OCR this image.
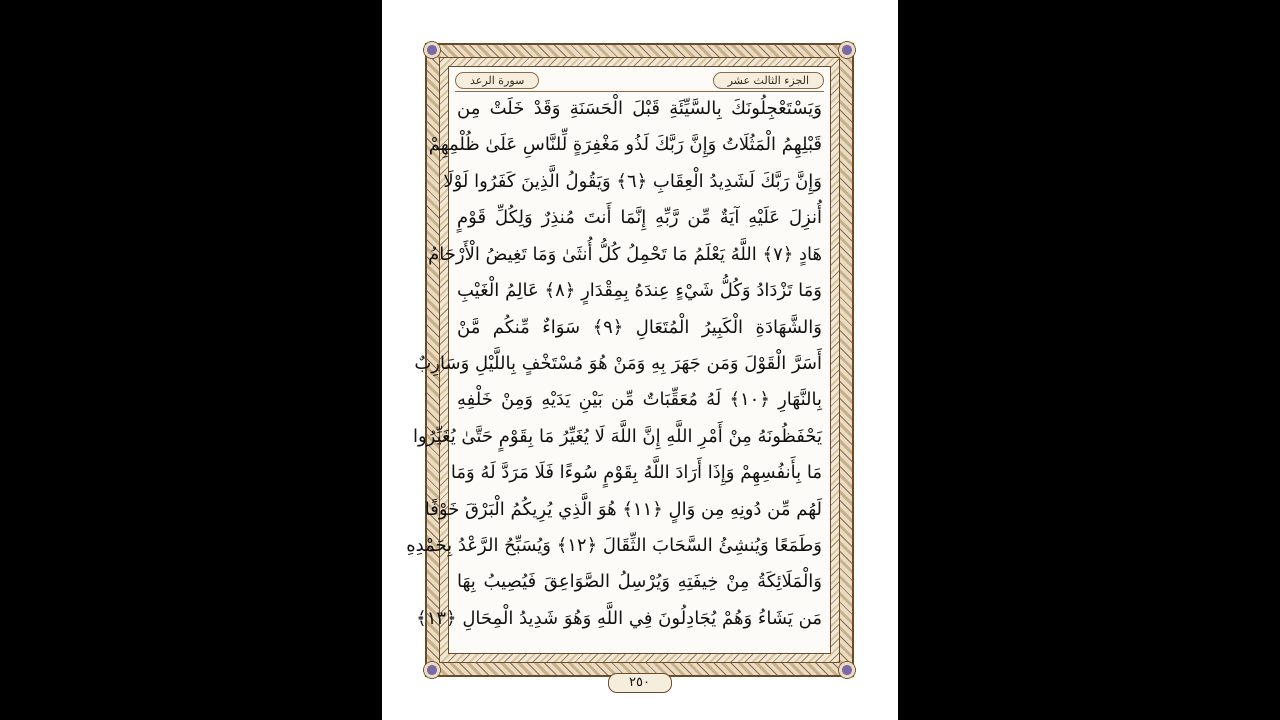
سورة الرعد	الجزء الثالث عشر
وَيَسْتَعْجِلُونَكَ بِالسَّيِّئَةِ قَبْلَ الْحَسَنَةِ وَقَدْ خَلَتْ مِن
قَبْلِهِمُ الْمَثُلَاتُ وَإِنَّ رَبَّكَ لَذُو مَغْفِرَةٍ لِّلنَّاسِ عَلَىٰ ظُلْمِهِمْ
وَإِنَّ رَبَّكَ لَشَدِيدُ الْعِقَابِ ﴿٦﴾ وَيَقُولُ الَّذِينَ كَفَرُوا لَوْلَا
أُنزِلَ عَلَيْهِ آيَةٌ مِّن رَّبِّهِ إِنَّمَا أَنتَ مُنذِرٌ وَلِكُلِّ قَوْمٍ
هَادٍ ﴿٧﴾ اللَّهُ يَعْلَمُ مَا تَحْمِلُ كُلُّ أُنثَىٰ وَمَا تَغِيضُ الْأَرْحَامُ
وَمَا تَزْدَادُ وَكُلُّ شَيْءٍ عِندَهُ بِمِقْدَارٍ ﴿٨﴾ عَالِمُ الْغَيْبِ
وَالشَّهَادَةِ الْكَبِيرُ الْمُتَعَالِ ﴿٩﴾ سَوَاءٌ مِّنكُم مَّنْ
أَسَرَّ الْقَوْلَ وَمَن جَهَرَ بِهِ وَمَنْ هُوَ مُسْتَخْفٍ بِاللَّيْلِ وَسَارِبٌ
بِالنَّهَارِ ﴿١٠﴾ لَهُ مُعَقِّبَاتٌ مِّن بَيْنِ يَدَيْهِ وَمِنْ خَلْفِهِ
يَحْفَظُونَهُ مِنْ أَمْرِ اللَّهِ إِنَّ اللَّهَ لَا يُغَيِّرُ مَا بِقَوْمٍ حَتَّىٰ يُغَيِّرُوا
مَا بِأَنفُسِهِمْ وَإِذَا أَرَادَ اللَّهُ بِقَوْمٍ سُوءًا فَلَا مَرَدَّ لَهُ وَمَا
لَهُم مِّن دُونِهِ مِن وَالٍ ﴿١١﴾ هُوَ الَّذِي يُرِيكُمُ الْبَرْقَ خَوْفًا
وَطَمَعًا وَيُنشِئُ السَّحَابَ الثِّقَالَ ﴿١٢﴾ وَيُسَبِّحُ الرَّعْدُ بِحَمْدِهِ
وَالْمَلَائِكَةُ مِنْ خِيفَتِهِ وَيُرْسِلُ الصَّوَاعِقَ فَيُصِيبُ بِهَا
مَن يَشَاءُ وَهُمْ يُجَادِلُونَ فِي اللَّهِ وَهُوَ شَدِيدُ الْمِحَالِ ﴿١٣﴾
٢٥٠
